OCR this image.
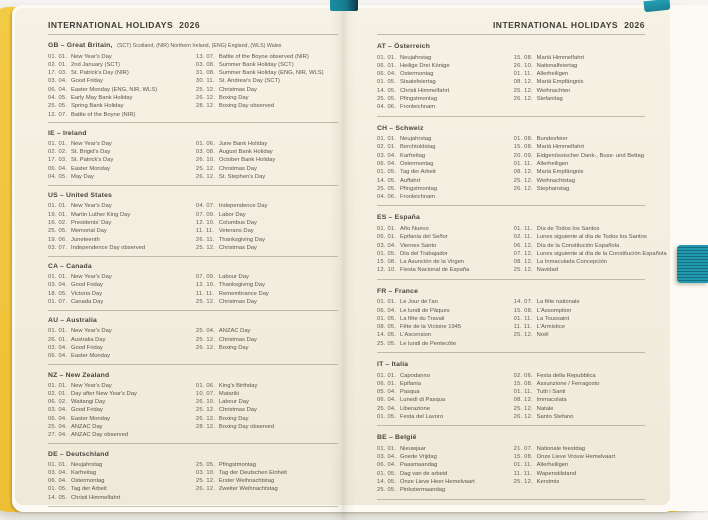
INTERNATIONAL HOLIDAYS 2026
GB – Great Britain, (SCT) Scotland, (NIR) Northern Ireland, (ENG) England, (WLS) Wales
01. 01. New Year's Day
02. 01. 2nd January (SCT)
17. 03. St. Patrick's Day (NIR)
03. 04. Good Friday
06. 04. Easter Monday (ENG, NIR, WLS)
04. 05. Early May Bank Holiday
25. 05. Spring Bank Holiday
12. 07. Battle of the Boyne (NIR)
13. 07. Battle of the Boyne observed (NIR)
03. 08. Summer Bank Holiday (SCT)
31. 08. Summer Bank Holiday (ENG, NIR, WLS)
30. 11. St. Andrew's Day (SCT)
25. 12. Christmas Day
26. 12. Boxing Day
28. 12. Boxing Day observed
IE – Ireland
01. 01. New Year's Day
02. 02. St. Brigid's Day
17. 03. St. Patrick's Day
06. 04. Easter Monday
04. 05. May Day
01. 06. June Bank Holiday
03. 08. August Bank Holiday
26. 10. October Bank Holiday
25. 12. Christmas Day
26. 12. St. Stephen's Day
US – United States
01. 01. New Year's Day
19. 01. Martin Luther King Day
16. 02. Presidents' Day
25. 05. Memorial Day
19. 06. Juneteenth
03. 07. Independence Day observed
04. 07. Independence Day
07. 09. Labor Day
12. 10. Columbus Day
11. 11. Veterans Day
26. 11. Thanksgiving Day
25. 12. Christmas Day
CA – Canada
01. 01. New Year's Day
03. 04. Good Friday
18. 05. Victoria Day
01. 07. Canada Day
07. 09. Labour Day
12. 10. Thanksgiving Day
11. 11. Remembrance Day
25. 12. Christmas Day
AU – Australia
01. 01. New Year's Day
26. 01. Australia Day
03. 04. Good Friday
06. 04. Easter Monday
25. 04. ANZAC Day
25. 12. Christmas Day
26. 12. Boxing Day
NZ – New Zealand
01. 01. New Year's Day
02. 01. Day after New Year's Day
06. 02. Waitangi Day
03. 04. Good Friday
06. 04. Easter Monday
25. 04. ANZAC Day
27. 04. ANZAC Day observed
01. 06. King's Birthday
10. 07. Matariki
26. 10. Labour Day
25. 12. Christmas Day
26. 12. Boxing Day
28. 12. Boxing Day observed
DE – Deutschland
01. 01. Neujahrstag
03. 04. Karfreitag
06. 04. Ostermontag
01. 05. Tag der Arbeit
14. 05. Christi Himmelfahrt
25. 05. Pfingstmontag
03. 10. Tag der Deutschen Einheit
25. 12. Erster Weihnachtstag
26. 12. Zweiter Weihnachtstag
INTERNATIONAL HOLIDAYS 2026
AT – Österreich
01. 01. Neujahrstag
06. 01. Heilige Drei Könige
06. 04. Ostermontag
01. 05. Staatsfeiertag
14. 05. Christi Himmelfahrt
25. 05. Pfingstmontag
04. 06. Fronleichnam
15. 08. Mariä Himmelfahrt
26. 10. Nationalfeiertag
01. 11. Allerheiligen
08. 12. Mariä Empfängnis
25. 12. Weihnachten
26. 12. Stefanitag
CH – Schweiz
01. 01. Neujahrstag
02. 01. Berchtoldstag
03. 04. Karfreitag
06. 04. Ostermontag
01. 05. Tag der Arbeit
14. 05. Auffahrt
25. 05. Pfingstmontag
04. 06. Fronleichnam
01. 08. Bundesfeier
15. 08. Mariä Himmelfahrt
20. 09. Eidgenössischer Dank-, Buss- und Bettag
01. 11. Allerheiligen
08. 12. Mariä Empfängnis
25. 12. Weihnachtstag
26. 12. Stephanstag
ES – España
01. 01. Año Nuevo
06. 01. Epifanía del Señor
03. 04. Viernes Santo
01. 05. Día del Trabajador
15. 08. La Asunción de la Virgen
12. 10. Fiesta Nacional de España
01. 11. Día de Todos los Santos
02. 11. Lunes siguiente al día de Todos los Santos
06. 12. Día de la Constitución Española
07. 12. Lunes siguiente al día de la Constitución Española
08. 12. La Inmaculada Concepción
25. 12. Navidad
FR – France
01. 01. Le Jour de l'an
06. 04. Le lundi de Pâques
01. 05. La fête du Travail
08. 05. Fête de la Victoire 1945
14. 05. L'Ascension
25. 05. Le lundi de Pentecôte
14. 07. La fête nationale
15. 08. L'Assomption
01. 11. La Toussaint
11. 11. L'Armistice
25. 12. Noël
IT – Italia
01. 01. Capodanno
06. 01. Epifania
05. 04. Pasqua
06. 04. Lunedì di Pasqua
25. 04. Liberazione
01. 05. Festa del Lavoro
02. 06. Festa della Repubblica
15. 08. Assunzione / Ferragosto
01. 11. Tutti i Santi
08. 12. Immacolata
25. 12. Natale
26. 12. Santo Stefano
BE – België
01. 01. Nieuwjaar
03. 04. Goede Vrijdag
06. 04. Paasmaandag
01. 05. Dag van de arbeid
14. 05. Onze Lieve Heer Hemelvaart
25. 05. Pinkstermaandag
21. 07. Nationale feestdag
15. 08. Onze Lieve Vrouw Hemelvaart
01. 11. Allerheiligen
11. 11. Wapenstilstand
25. 12. Kerstmis
